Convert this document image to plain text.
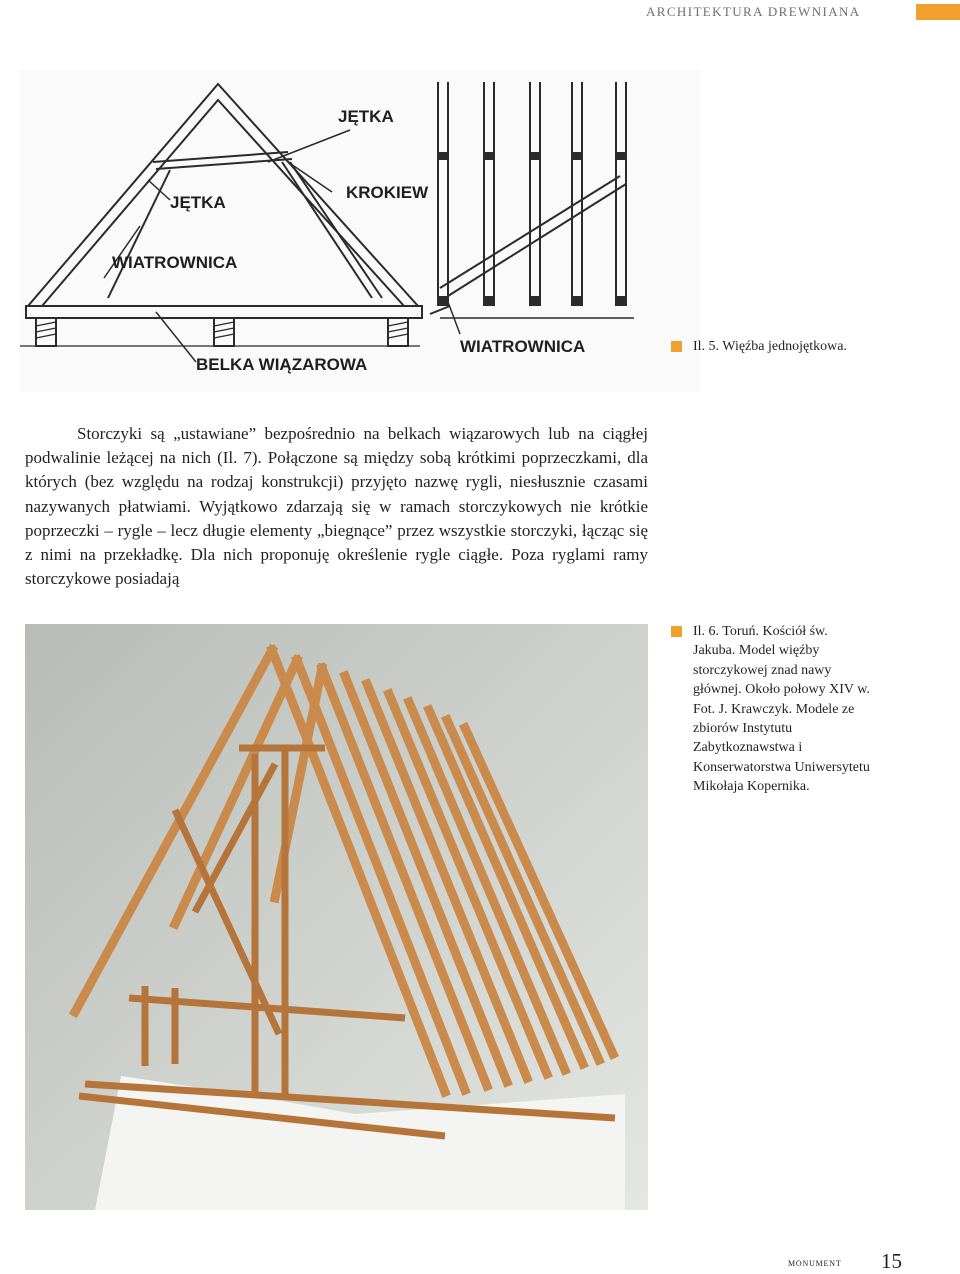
ARCHITEKTURA DREWNIANA
JĘTKA
JĘTKA
KROKIEW
WIATROWNICA
BELKA WIĄZAROWA
WIATROWNICA	Il. 5. Więźba jednojętkowa.

Storczyki są „ustawiane” bezpośrednio na belkach wiązarowych lub na ciągłej podwalinie leżącej na nich (Il. 7). Połączone są między sobą krótkimi poprzeczkami, dla których (bez względu na rodzaj konstrukcji) przyjęto nazwę rygli, niesłusznie czasami nazywanych płatwiami. Wyjątkowo zdarzają się w ramach storczykowych nie krótkie poprzeczki – rygle – lecz długie elementy „biegnące” przez wszystkie storczyki, łącząc się z nimi na przekładkę. Dla nich proponuję określenie rygle ciągłe. Poza ryglami ramy storczykowe posiadają

Il. 6. Toruń. Kościół św. Jakuba. Model więźby storczykowej znad nawy głównej. Około połowy XIV w. Fot. J. Krawczyk. Modele ze zbiorów Instytutu Zabytkoznawstwa i Konserwatorstwa Uniwersytetu Mikołaja Kopernika.
monument 15
